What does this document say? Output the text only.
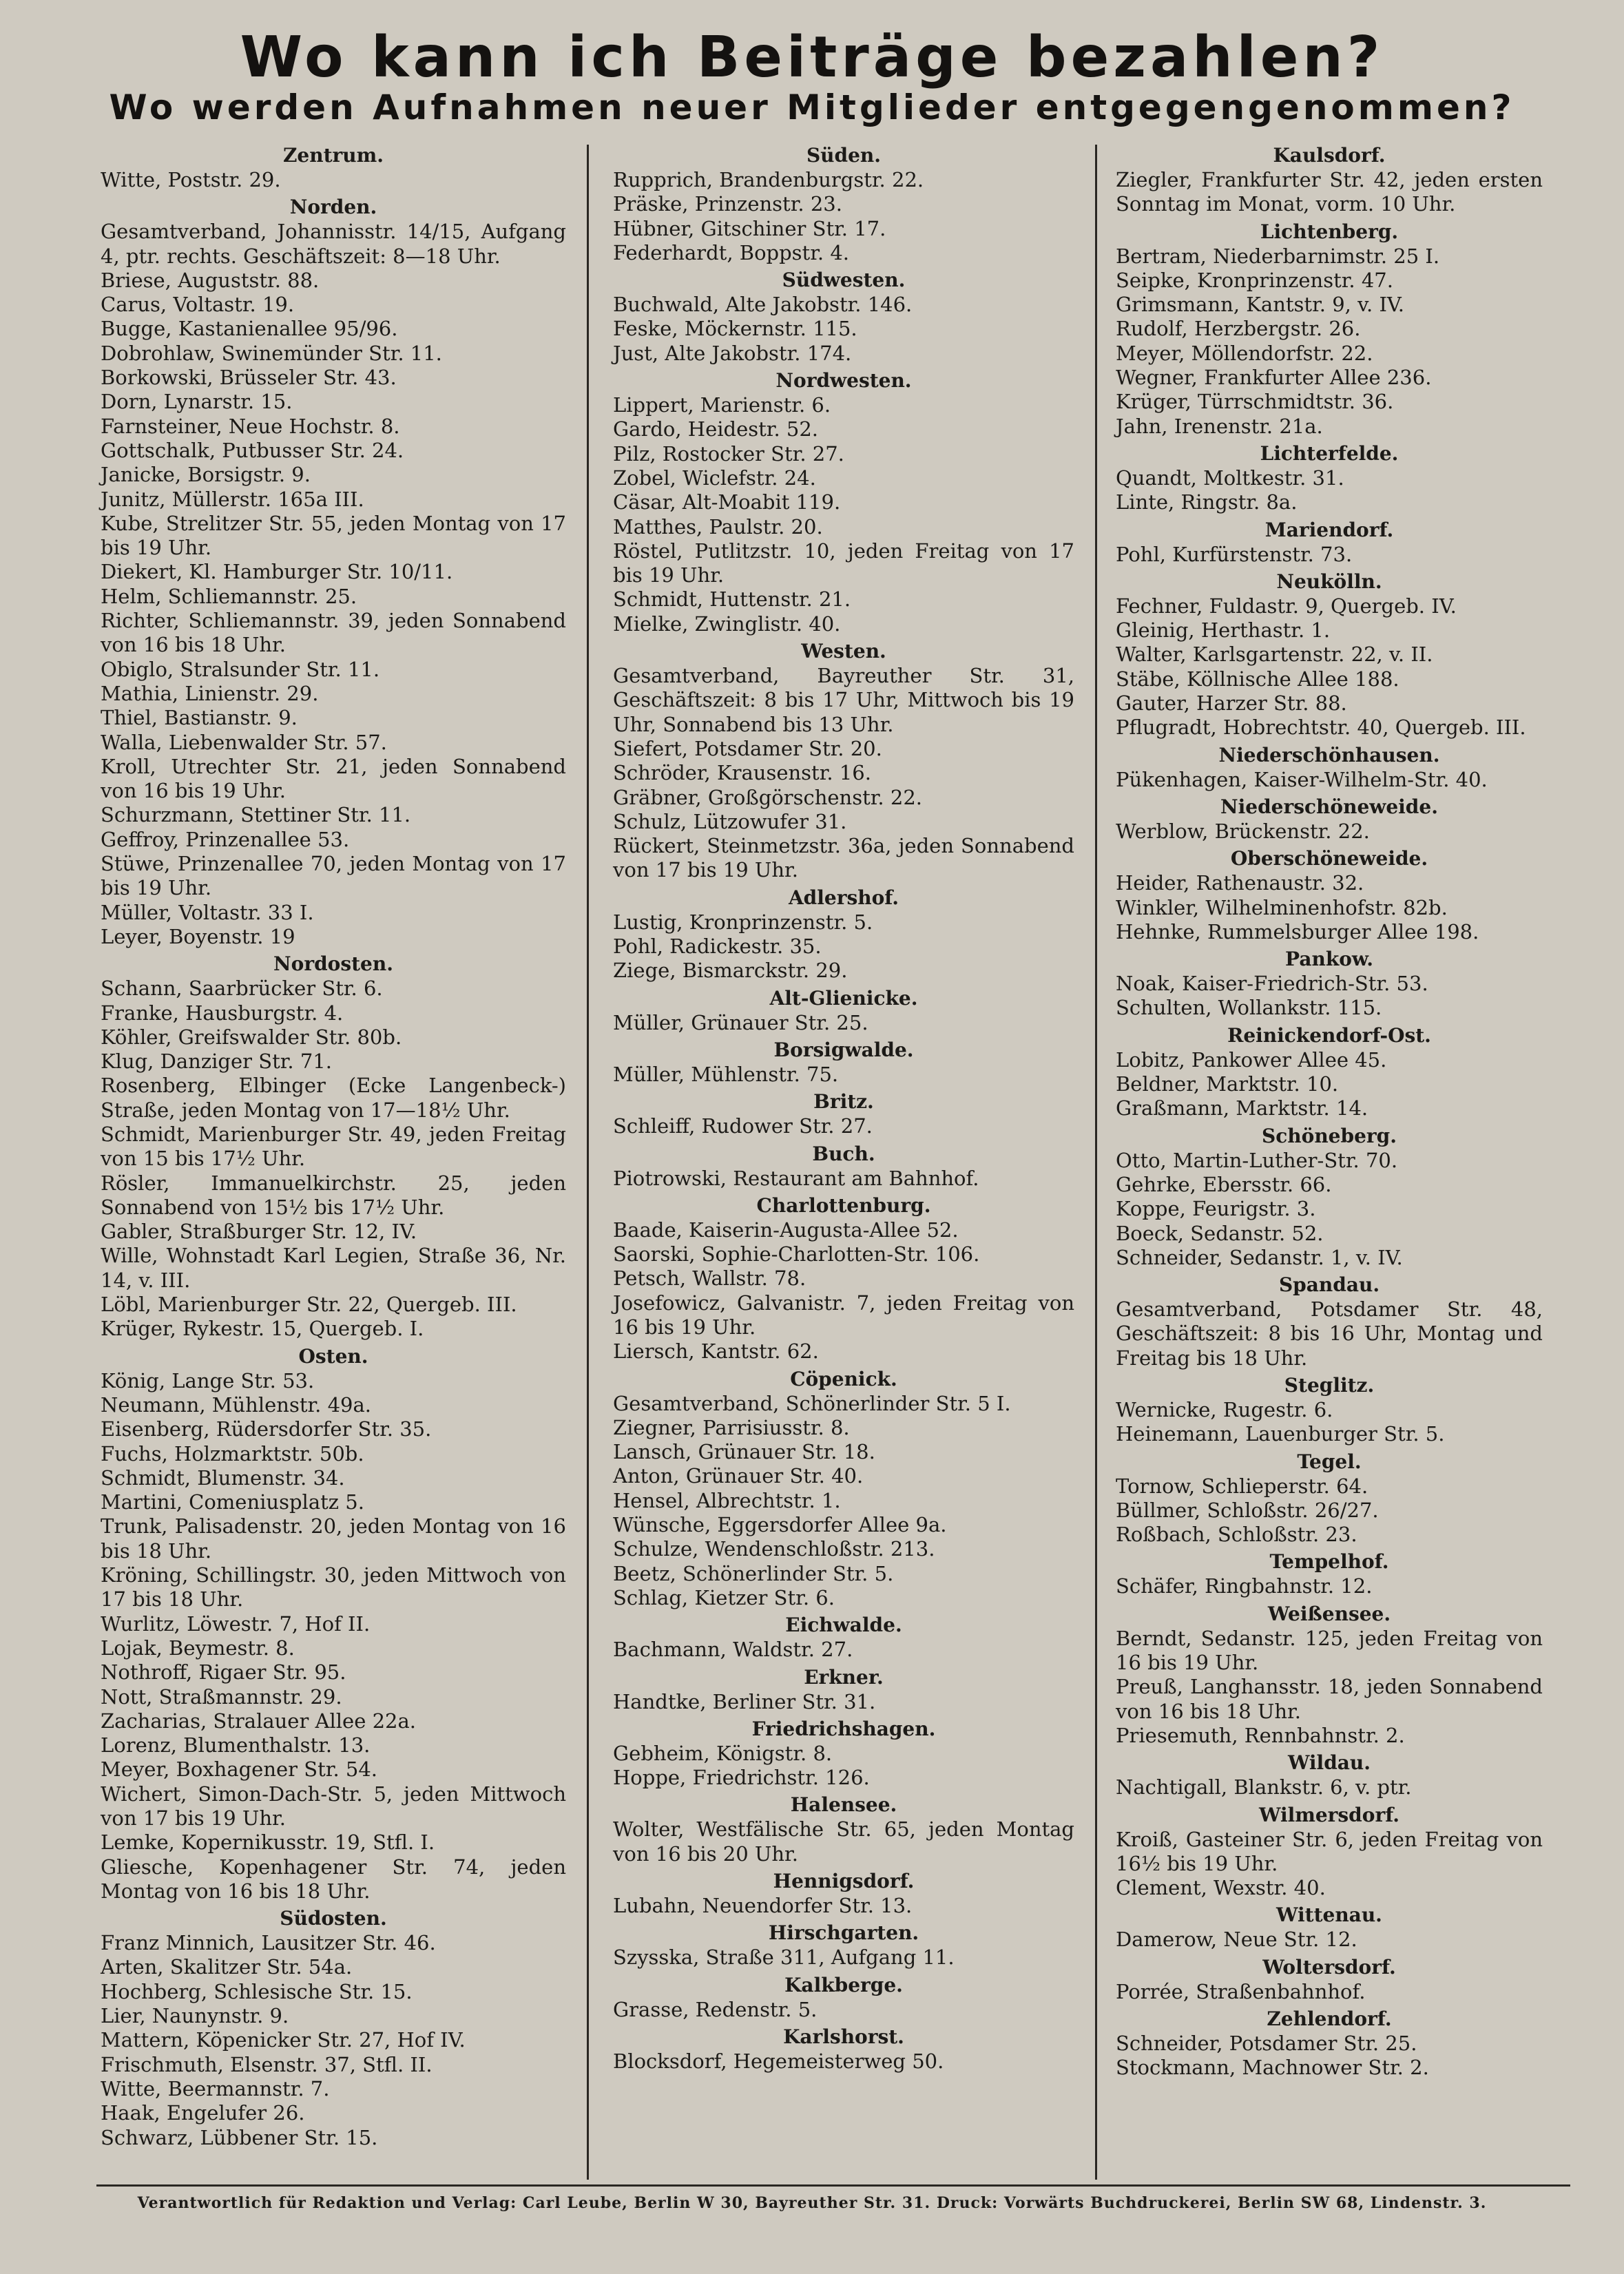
Wo kann ich Beiträge bezahlen?
Wo werden Aufnahmen neuer Mitglieder entgegengenommen?
Zentrum.
Witte, Poststr. 29.
Norden.
Gesamtverband, Johannisstr. 14/15, Aufgang 4, ptr. rechts. Geschäftszeit: 8—18 Uhr.
Briese, Auguststr. 88.
Carus, Voltastr. 19.
Bugge, Kastanienallee 95/96.
Dobrohlaw, Swinemünder Str. 11.
Borkowski, Brüsseler Str. 43.
Dorn, Lynarstr. 15.
Farnsteiner, Neue Hochstr. 8.
Gottschalk, Putbusser Str. 24.
Janicke, Borsigstr. 9.
Junitz, Müllerstr. 165a III.
Kube, Strelitzer Str. 55, jeden Montag von 17 bis 19 Uhr.
Diekert, Kl. Hamburger Str. 10/11.
Helm, Schliemannstr. 25.
Richter, Schliemannstr. 39, jeden Sonnabend von 16 bis 18 Uhr.
Obiglo, Stralsunder Str. 11.
Mathia, Linienstr. 29.
Thiel, Bastianstr. 9.
Walla, Liebenwalder Str. 57.
Kroll, Utrechter Str. 21, jeden Sonnabend von 16 bis 19 Uhr.
Schurzmann, Stettiner Str. 11.
Geffroy, Prinzenallee 53.
Stüwe, Prinzenallee 70, jeden Montag von 17 bis 19 Uhr.
Müller, Voltastr. 33 I.
Leyer, Boyenstr. 19
Nordosten.
Schann, Saarbrücker Str. 6.
Franke, Hausburgstr. 4.
Köhler, Greifswalder Str. 80b.
Klug, Danziger Str. 71.
Rosenberg, Elbinger (Ecke Langenbeck-) Straße, jeden Montag von 17—18½ Uhr.
Schmidt, Marienburger Str. 49, jeden Freitag von 15 bis 17½ Uhr.
Rösler, Immanuelkirchstr. 25, jeden Sonnabend von 15½ bis 17½ Uhr.
Gabler, Straßburger Str. 12, IV.
Wille, Wohnstadt Karl Legien, Straße 36, Nr. 14, v. III.
Löbl, Marienburger Str. 22, Quergeb. III.
Krüger, Rykestr. 15, Quergeb. I.
Osten.
König, Lange Str. 53.
Neumann, Mühlenstr. 49a.
Eisenberg, Rüdersdorfer Str. 35.
Fuchs, Holzmarktstr. 50b.
Schmidt, Blumenstr. 34.
Martini, Comeniusplatz 5.
Trunk, Palisadenstr. 20, jeden Montag von 16 bis 18 Uhr.
Kröning, Schillingstr. 30, jeden Mittwoch von 17 bis 18 Uhr.
Wurlitz, Löwestr. 7, Hof II.
Lojak, Beymestr. 8.
Nothroff, Rigaer Str. 95.
Nott, Straßmannstr. 29.
Zacharias, Stralauer Allee 22a.
Lorenz, Blumenthalstr. 13.
Meyer, Boxhagener Str. 54.
Wichert, Simon-Dach-Str. 5, jeden Mittwoch von 17 bis 19 Uhr.
Lemke, Kopernikusstr. 19, Stfl. I.
Gliesche, Kopenhagener Str. 74, jeden Montag von 16 bis 18 Uhr.
Südosten.
Franz Minnich, Lausitzer Str. 46.
Arten, Skalitzer Str. 54a.
Hochberg, Schlesische Str. 15.
Lier, Naunynstr. 9.
Mattern, Köpenicker Str. 27, Hof IV.
Frischmuth, Elsenstr. 37, Stfl. II.
Witte, Beermannstr. 7.
Haak, Engelufer 26.
Schwarz, Lübbener Str. 15.
Süden.
Rupprich, Brandenburgstr. 22.
Präske, Prinzenstr. 23.
Hübner, Gitschiner Str. 17.
Federhardt, Boppstr. 4.
Südwesten.
Buchwald, Alte Jakobstr. 146.
Feske, Möckernstr. 115.
Just, Alte Jakobstr. 174.
Nordwesten.
Lippert, Marienstr. 6.
Gardo, Heidestr. 52.
Pilz, Rostocker Str. 27.
Zobel, Wiclefstr. 24.
Cäsar, Alt-Moabit 119.
Matthes, Paulstr. 20.
Röstel, Putlitzstr. 10, jeden Freitag von 17 bis 19 Uhr.
Schmidt, Huttenstr. 21.
Mielke, Zwinglistr. 40.
Westen.
Gesamtverband, Bayreuther Str. 31, Geschäftszeit: 8 bis 17 Uhr, Mittwoch bis 19 Uhr, Sonnabend bis 13 Uhr.
Siefert, Potsdamer Str. 20.
Schröder, Krausenstr. 16.
Gräbner, Großgörschenstr. 22.
Schulz, Lützowufer 31.
Rückert, Steinmetzstr. 36a, jeden Sonnabend von 17 bis 19 Uhr.
Adlershof.
Lustig, Kronprinzenstr. 5.
Pohl, Radickestr. 35.
Ziege, Bismarckstr. 29.
Alt-Glienicke.
Müller, Grünauer Str. 25.
Borsigwalde.
Müller, Mühlenstr. 75.
Britz.
Schleiff, Rudower Str. 27.
Buch.
Piotrowski, Restaurant am Bahnhof.
Charlottenburg.
Baade, Kaiserin-Augusta-Allee 52.
Saorski, Sophie-Charlotten-Str. 106.
Petsch, Wallstr. 78.
Josefowicz, Galvanistr. 7, jeden Freitag von 16 bis 19 Uhr.
Liersch, Kantstr. 62.
Cöpenick.
Gesamtverband, Schönerlinder Str. 5 I.
Ziegner, Parrisiusstr. 8.
Lansch, Grünauer Str. 18.
Anton, Grünauer Str. 40.
Hensel, Albrechtstr. 1.
Wünsche, Eggersdorfer Allee 9a.
Schulze, Wendenschloßstr. 213.
Beetz, Schönerlinder Str. 5.
Schlag, Kietzer Str. 6.
Eichwalde.
Bachmann, Waldstr. 27.
Erkner.
Handtke, Berliner Str. 31.
Friedrichshagen.
Gebheim, Königstr. 8.
Hoppe, Friedrichstr. 126.
Halensee.
Wolter, Westfälische Str. 65, jeden Montag von 16 bis 20 Uhr.
Hennigsdorf.
Lubahn, Neuendorfer Str. 13.
Hirschgarten.
Szysska, Straße 311, Aufgang 11.
Kalkberge.
Grasse, Redenstr. 5.
Karlshorst.
Blocksdorf, Hegemeisterweg 50.
Kaulsdorf.
Ziegler, Frankfurter Str. 42, jeden ersten Sonntag im Monat, vorm. 10 Uhr.
Lichtenberg.
Bertram, Niederbarnimstr. 25 I.
Seipke, Kronprinzenstr. 47.
Grimsmann, Kantstr. 9, v. IV.
Rudolf, Herzbergstr. 26.
Meyer, Möllendorfstr. 22.
Wegner, Frankfurter Allee 236.
Krüger, Türrschmidtstr. 36.
Jahn, Irenenstr. 21a.
Lichterfelde.
Quandt, Moltkestr. 31.
Linte, Ringstr. 8a.
Mariendorf.
Pohl, Kurfürstenstr. 73.
Neukölln.
Fechner, Fuldastr. 9, Quergeb. IV.
Gleinig, Herthastr. 1.
Walter, Karlsgartenstr. 22, v. II.
Stäbe, Köllnische Allee 188.
Gauter, Harzer Str. 88.
Pflugradt, Hobrechtstr. 40, Quergeb. III.
Niederschönhausen.
Pükenhagen, Kaiser-Wilhelm-Str. 40.
Niederschöneweide.
Werblow, Brückenstr. 22.
Oberschöneweide.
Heider, Rathenaustr. 32.
Winkler, Wilhelminenhofstr. 82b.
Hehnke, Rummelsburger Allee 198.
Pankow.
Noak, Kaiser-Friedrich-Str. 53.
Schulten, Wollankstr. 115.
Reinickendorf-Ost.
Lobitz, Pankower Allee 45.
Beldner, Marktstr. 10.
Graßmann, Marktstr. 14.
Schöneberg.
Otto, Martin-Luther-Str. 70.
Gehrke, Ebersstr. 66.
Koppe, Feurigstr. 3.
Boeck, Sedanstr. 52.
Schneider, Sedanstr. 1, v. IV.
Spandau.
Gesamtverband, Potsdamer Str. 48, Geschäftszeit: 8 bis 16 Uhr, Montag und Freitag bis 18 Uhr.
Steglitz.
Wernicke, Rugestr. 6.
Heinemann, Lauenburger Str. 5.
Tegel.
Tornow, Schlieperstr. 64.
Büllmer, Schloßstr. 26/27.
Roßbach, Schloßstr. 23.
Tempelhof.
Schäfer, Ringbahnstr. 12.
Weißensee.
Berndt, Sedanstr. 125, jeden Freitag von 16 bis 19 Uhr.
Preuß, Langhansstr. 18, jeden Sonnabend von 16 bis 18 Uhr.
Priesemuth, Rennbahnstr. 2.
Wildau.
Nachtigall, Blankstr. 6, v. ptr.
Wilmersdorf.
Kroiß, Gasteiner Str. 6, jeden Freitag von 16½ bis 19 Uhr.
Clement, Wexstr. 40.
Wittenau.
Damerow, Neue Str. 12.
Woltersdorf.
Porrée, Straßenbahnhof.
Zehlendorf.
Schneider, Potsdamer Str. 25.
Stockmann, Machnower Str. 2.
Verantwortlich für Redaktion und Verlag: Carl Leube, Berlin W 30, Bayreuther Str. 31. Druck: Vorwärts Buchdruckerei, Berlin SW 68, Lindenstr. 3.
